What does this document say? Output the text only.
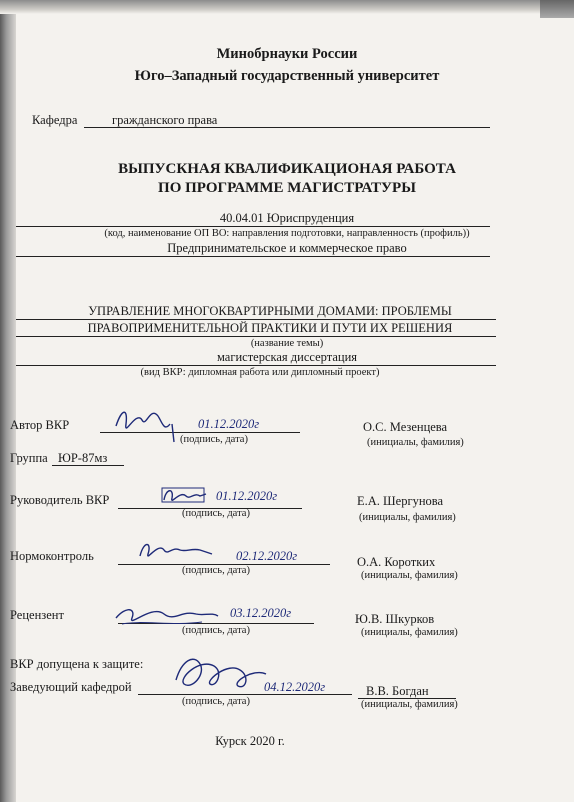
Минобрнауки России
Юго–Западный государственный университет
Кафедра	гражданского права
ВЫПУСКНАЯ КВАЛИФИКАЦИОНАЯ РАБОТА
ПО ПРОГРАММЕ МАГИСТРАТУРЫ
40.04.01 Юриспруденция
(код, наименование ОП ВО: направления подготовки, направленность (профиль))
Предпринимательское и коммерческое право
УПРАВЛЕНИЕ МНОГОКВАРТИРНЫМИ ДОМАМИ: ПРОБЛЕМЫ
ПРАВОПРИМЕНИТЕЛЬНОЙ ПРАКТИКИ И ПУТИ ИХ РЕШЕНИЯ
(название темы)
магистерская диссертация
(вид ВКР: дипломная работа или дипломный проект)
Автор ВКР	01.12.2020г
(подпись, дата)
О.С. Мезенцева
(инициалы, фамилия)
Группа ЮР-87мз
Руководитель ВКР	01.12.2020г
(подпись, дата)
Е.А. Шергунова
(инициалы, фамилия)
Нормоконтроль	02.12.2020г
(подпись, дата)
О.А. Коротких
(инициалы, фамилия)
Рецензент	03.12.2020г
(подпись, дата)
Ю.В. Шкурков
(инициалы, фамилия)
ВКР допущена к защите:
Заведующий кафедрой	04.12.2020г
(подпись, дата)
В.В. Богдан
(инициалы, фамилия)
Курск 2020 г.
